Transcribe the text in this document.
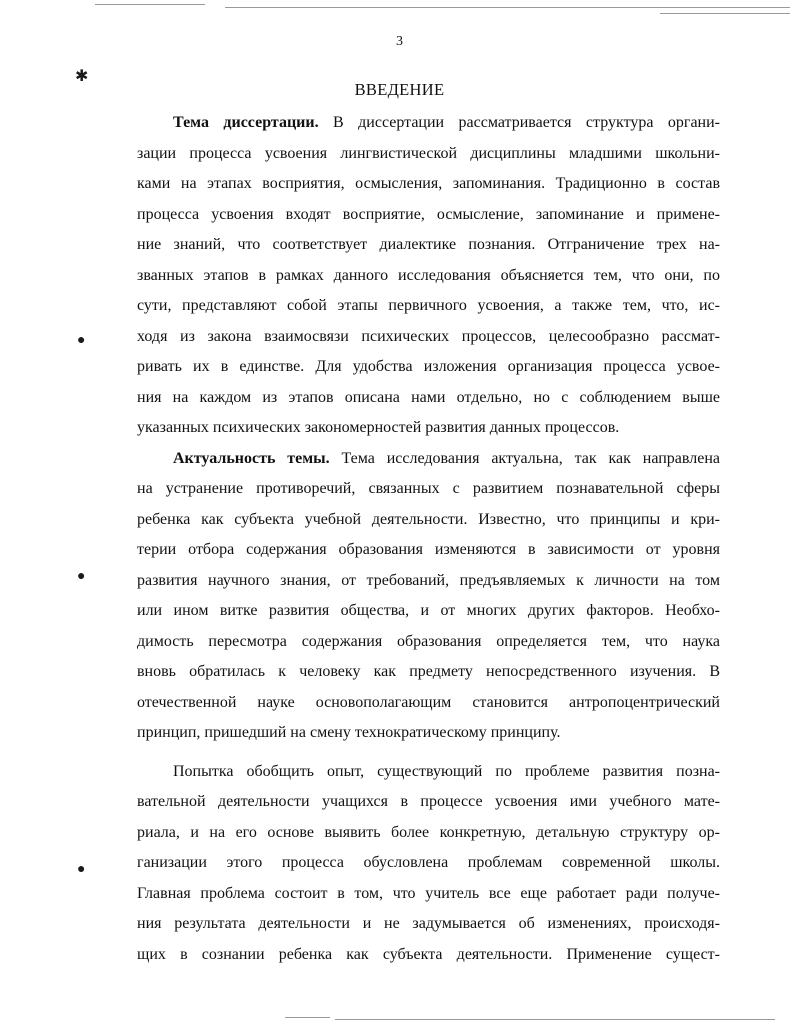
✱
●
●
●
3
ВВЕДЕНИЕ
Тема диссертации. В диссертации рассматривается структура органи-
зации процесса усвоения лингвистической дисциплины младшими школьни-
ками на этапах восприятия, осмысления, запоминания. Традиционно в состав
процесса усвоения входят восприятие, осмысление, запоминание и примене-
ние знаний, что соответствует диалектике познания. Отграничение трех на-
званных этапов в рамках данного исследования объясняется тем, что они, по
сути, представляют собой этапы первичного усвоения, а также тем, что, ис-
ходя из закона взаимосвязи психических процессов, целесообразно рассмат-
ривать их в единстве. Для удобства изложения организация процесса усвое-
ния на каждом из этапов описана нами отдельно, но с соблюдением выше
указанных психических закономерностей развития данных процессов.
Актуальность темы. Тема исследования актуальна, так как направлена
на устранение противоречий, связанных с развитием познавательной сферы
ребенка как субъекта учебной деятельности. Известно, что принципы и кри-
терии отбора содержания образования изменяются в зависимости от уровня
развития научного знания, от требований, предъявляемых к личности на том
или ином витке развития общества, и от многих других факторов. Необхо-
димость пересмотра содержания образования определяется тем, что наука
вновь обратилась к человеку как предмету непосредственного изучения. В
отечественной науке основополагающим становится антропоцентрический
принцип, пришедший на смену технократическому принципу.
Попытка обобщить опыт, существующий по проблеме развития позна-
вательной деятельности учащихся в процессе усвоения ими учебного мате-
риала, и на его основе выявить более конкретную, детальную структуру ор-
ганизации этого процесса обусловлена проблемам современной школы.
Главная проблема состоит в том, что учитель все еще работает ради получе-
ния результата деятельности и не задумывается об изменениях, происходя-
щих в сознании ребенка как субъекта деятельности. Применение сущест-
